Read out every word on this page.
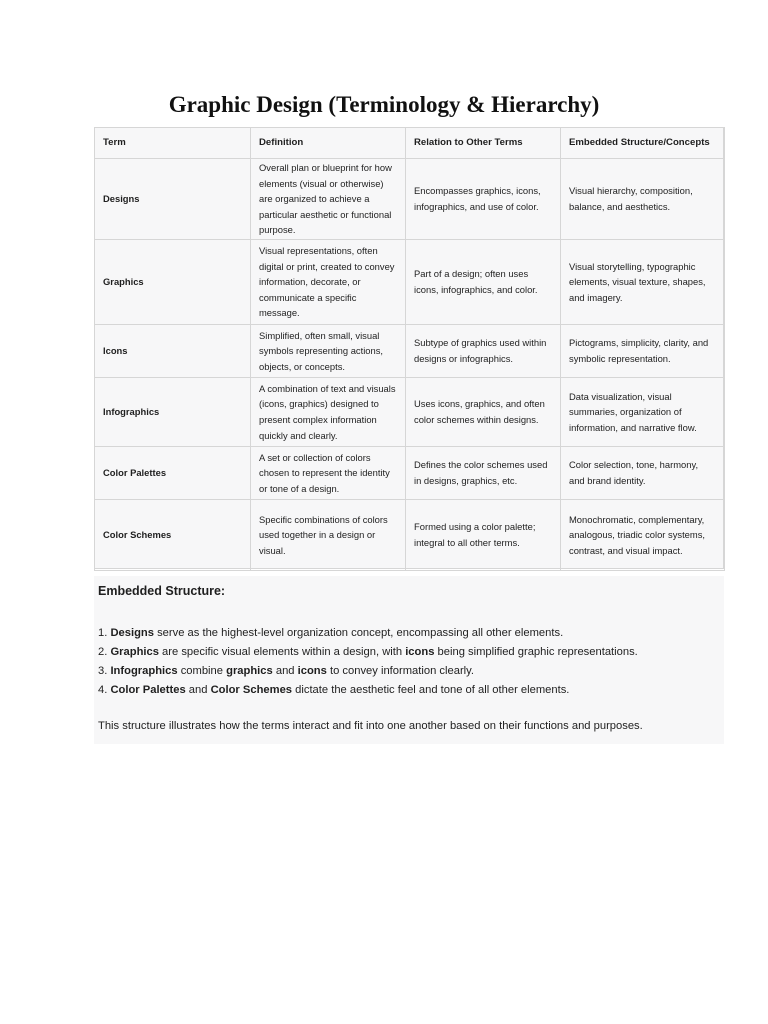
Graphic Design (Terminology & Hierarchy)
Term	Definition	Relation to Other Terms	Embedded Structure/Concepts
Designs	Overall plan or blueprint for how elements (visual or otherwise) are organized to achieve a particular aesthetic or functional purpose.	Encompasses graphics, icons, infographics, and use of color.	Visual hierarchy, composition, balance, and aesthetics.
Graphics	Visual representations, often digital or print, created to convey information, decorate, or communicate a specific message.	Part of a design; often uses icons, infographics, and color.	Visual storytelling, typographic elements, visual texture, shapes, and imagery.
Icons	Simplified, often small, visual symbols representing actions, objects, or concepts.	Subtype of graphics used within designs or infographics.	Pictograms, simplicity, clarity, and symbolic representation.
Infographics	A combination of text and visuals (icons, graphics) designed to present complex information quickly and clearly.	Uses icons, graphics, and often color schemes within designs.	Data visualization, visual summaries, organization of information, and narrative flow.
Color Palettes	A set or collection of colors chosen to represent the identity or tone of a design.	Defines the color schemes used in designs, graphics, etc.	Color selection, tone, harmony, and brand identity.
Color Schemes	Specific combinations of colors used together in a design or visual.	Formed using a color palette; integral to all other terms.	Monochromatic, complementary, analogous, triadic color systems, contrast, and visual impact.
Embedded Structure:
1. Designs serve as the highest-level organization concept, encompassing all other elements.
2. Graphics are specific visual elements within a design, with icons being simplified graphic representations.
3. Infographics combine graphics and icons to convey information clearly.
4. Color Palettes and Color Schemes dictate the aesthetic feel and tone of all other elements.

This structure illustrates how the terms interact and fit into one another based on their functions and purposes.
